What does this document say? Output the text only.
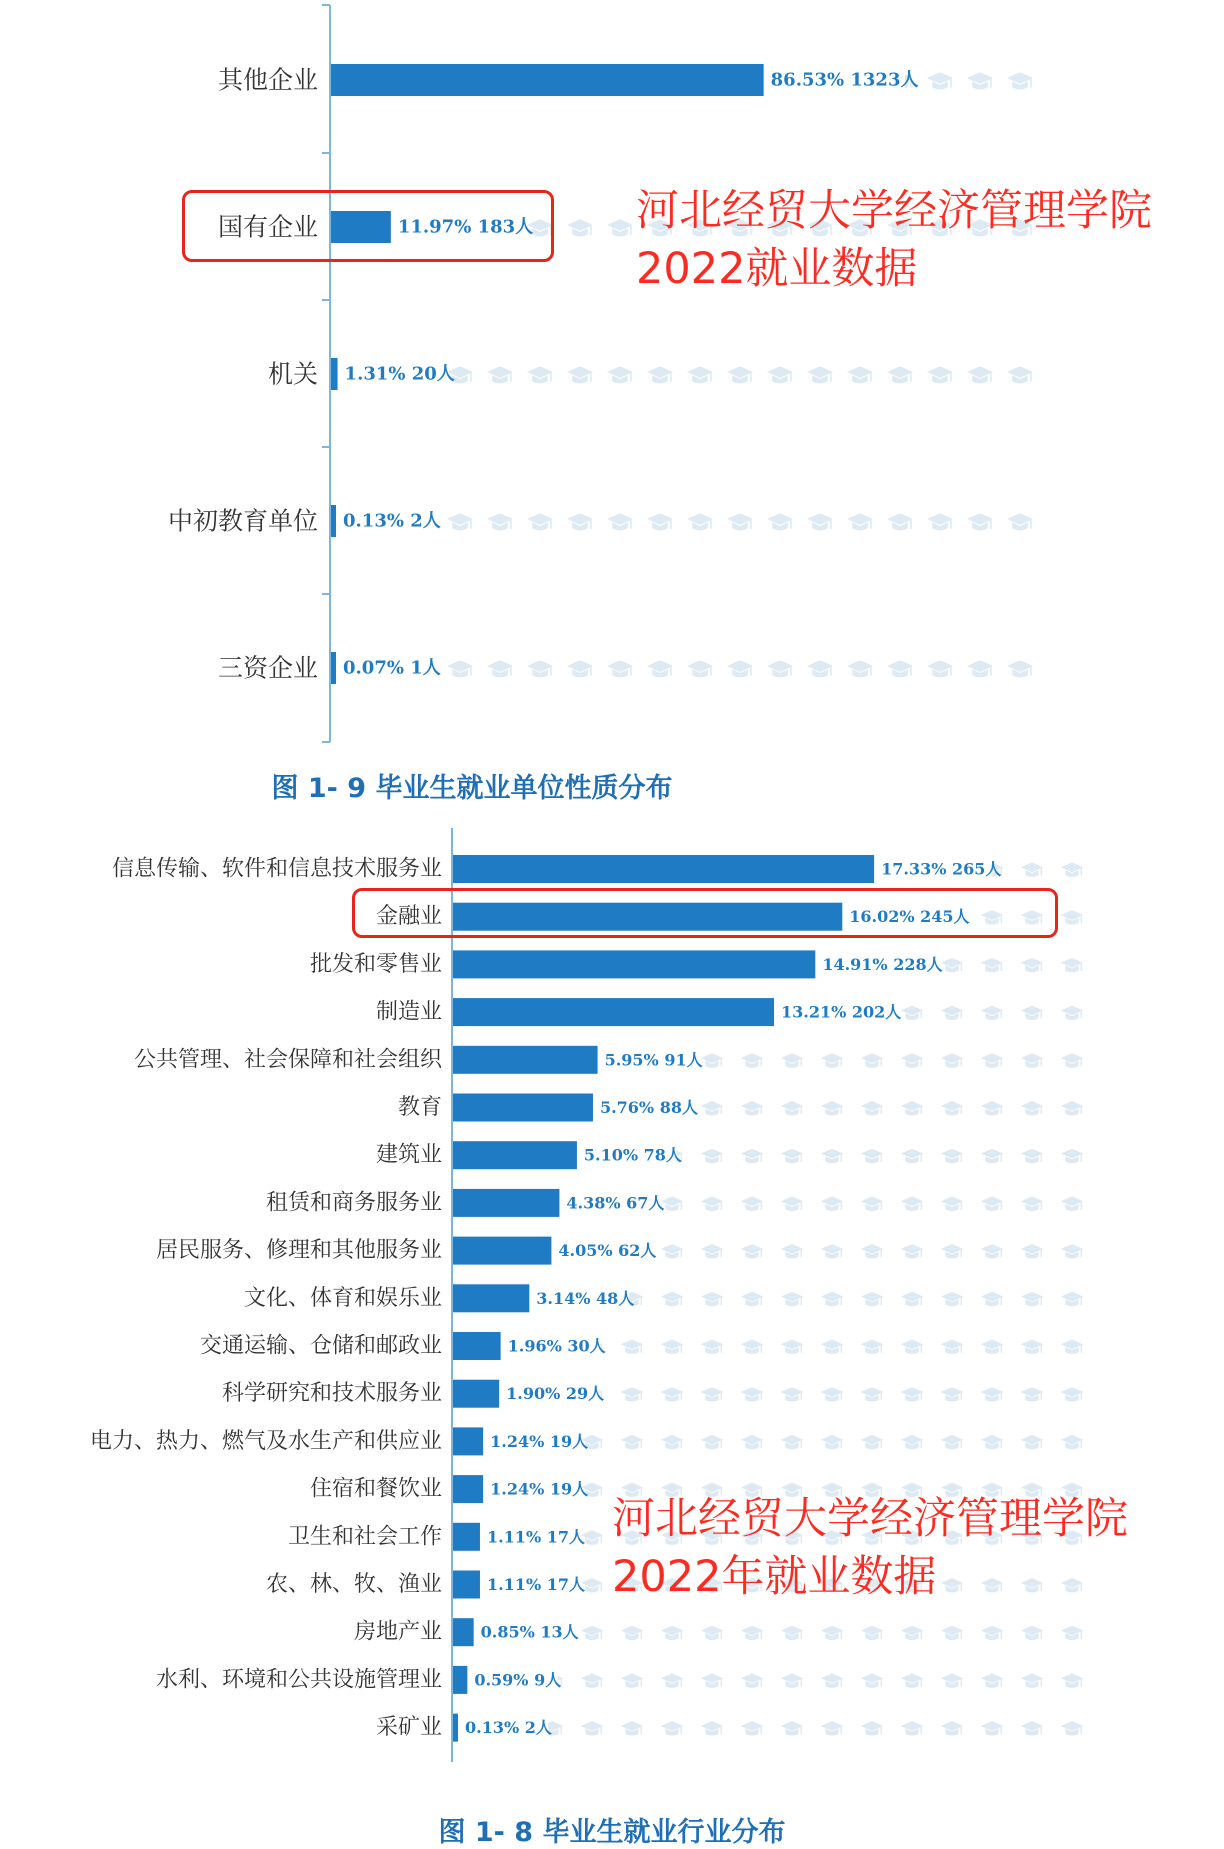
其他企业	86.53% 1323人
国有企业	11.97% 183人
机关 1.31% 20人
中初教育单位 0.13% 2人
三资企业 0.07% 1人
图 1- 9 毕业生就业单位性质分布
信息传输、软件和信息技术服务业	17.33% 265人
金融业	16.02% 245人
批发和零售业	14.91% 228人
制造业	13.21% 202人
公共管理、社会保障和社会组织	5.95% 91人
教育	5.76% 88人
建筑业	5.10% 78人
租赁和商务服务业	4.38% 67人
居民服务、修理和其他服务业	4.05% 62人
文化、体育和娱乐业	3.14% 48人
交通运输、仓储和邮政业	1.96% 30人
科学研究和技术服务业	1.90% 29人
电力、热力、燃气及水生产和供应业	1.24% 19人
住宿和餐饮业	1.24% 19人
卫生和社会工作	1.11% 17人
农、林、牧、渔业	1.11% 17人
房地产业 0.85% 13人
水利、环境和公共设施管理业 0.59% 9人
采矿业 0.13% 2人
图 1- 8 毕业生就业行业分布
河北经贸大学经济管理学院
2022就业数据
河北经贸大学经济管理学院
2022年就业数据
